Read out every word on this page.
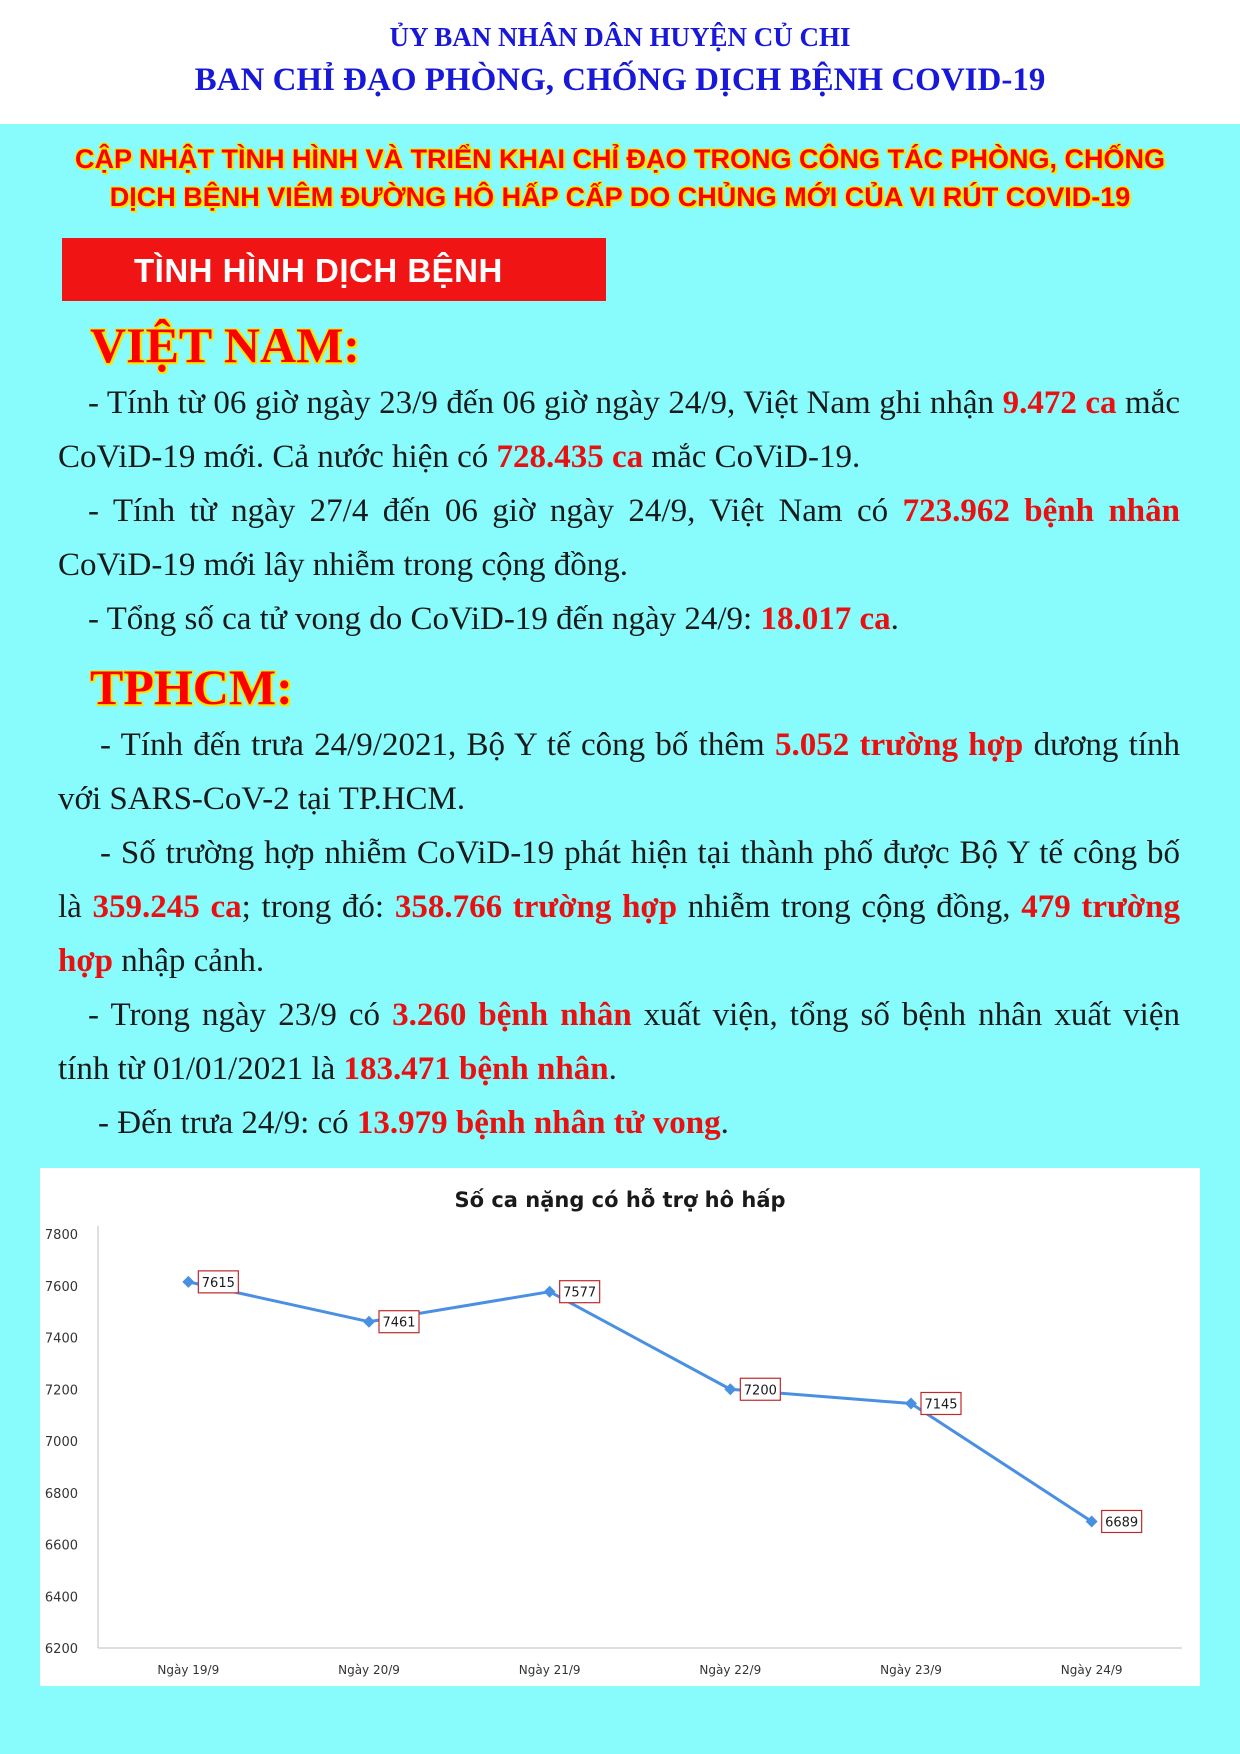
ỦY BAN NHÂN DÂN HUYỆN CỦ CHI
BAN CHỈ ĐẠO PHÒNG, CHỐNG DỊCH BỆNH COVID-19
CẬP NHẬT TÌNH HÌNH VÀ TRIỂN KHAI CHỈ ĐẠO TRONG CÔNG TÁC PHÒNG, CHỐNG
DỊCH BỆNH VIÊM ĐƯỜNG HÔ HẤP CẤP DO CHỦNG MỚI CỦA VI RÚT COVID-19
TÌNH HÌNH DỊCH BỆNH
VIỆT NAM:
- Tính từ 06 giờ ngày 23/9 đến 06 giờ ngày 24/9, Việt Nam ghi nhận 9.472 ca mắc CoViD-19 mới. Cả nước hiện có 728.435 ca mắc CoViD-19.
- Tính từ ngày 27/4 đến 06 giờ ngày 24/9, Việt Nam có 723.962 bệnh nhân CoViD-19 mới lây nhiễm trong cộng đồng.
- Tổng số ca tử vong do CoViD-19 đến ngày 24/9: 18.017 ca.
TPHCM:
- Tính đến trưa 24/9/2021, Bộ Y tế công bố thêm 5.052 trường hợp dương tính với SARS-CoV-2 tại TP.HCM.
- Số trường hợp nhiễm CoViD-19 phát hiện tại thành phố được Bộ Y tế công bố là 359.245 ca; trong đó: 358.766 trường hợp nhiễm trong cộng đồng, 479 trường hợp nhập cảnh.
- Trong ngày 23/9 có 3.260 bệnh nhân xuất viện, tổng số bệnh nhân xuất viện tính từ 01/01/2021 là 183.471 bệnh nhân.
- Đến trưa 24/9: có 13.979 bệnh nhân tử vong.
Số ca nặng có hỗ trợ hô hấp
7800
7600
7400
7200
7000
6800
6600
6400
6200
Ngày 19/9	Ngày 20/9	Ngày 21/9	Ngày 22/9	Ngày 23/9	Ngày 24/9
7615
7461
7577
7200
7145
6689
